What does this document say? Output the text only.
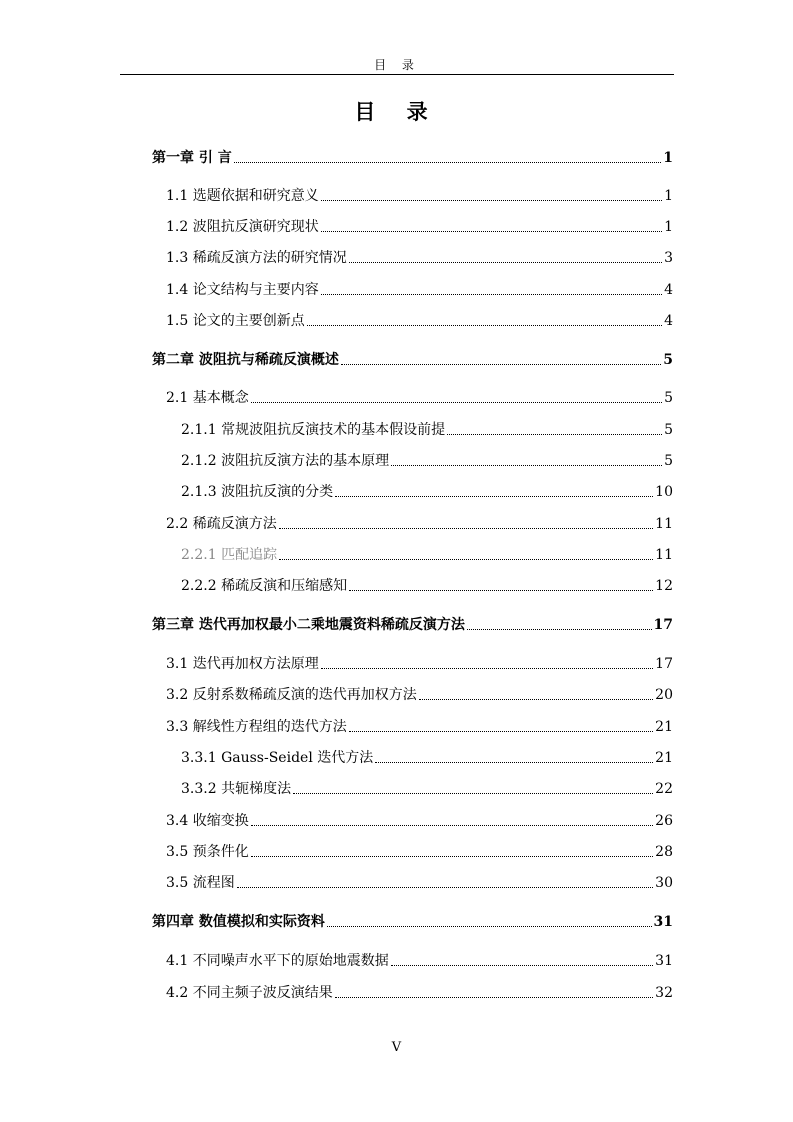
目 录
目 录
第一章 引 言	1
1.1 选题依据和研究意义	1
1.2 波阻抗反演研究现状	1
1.3 稀疏反演方法的研究情况	3
1.4 论文结构与主要内容	4
1.5 论文的主要创新点	4
第二章 波阻抗与稀疏反演概述	5
2.1 基本概念	5
2.1.1 常规波阻抗反演技术的基本假设前提	5
2.1.2 波阻抗反演方法的基本原理	5
2.1.3 波阻抗反演的分类	10
2.2 稀疏反演方法	11
2.2.1 匹配追踪	11
2.2.2 稀疏反演和压缩感知	12
第三章 迭代再加权最小二乘地震资料稀疏反演方法	17
3.1 迭代再加权方法原理	17
3.2 反射系数稀疏反演的迭代再加权方法	20
3.3 解线性方程组的迭代方法	21
3.3.1 Gauss-Seidel 迭代方法	21
3.3.2 共轭梯度法	22
3.4 收缩变换	26
3.5 预条件化	28
3.5 流程图	30
第四章 数值模拟和实际资料	31
4.1 不同噪声水平下的原始地震数据	31
4.2 不同主频子波反演结果	32
V
